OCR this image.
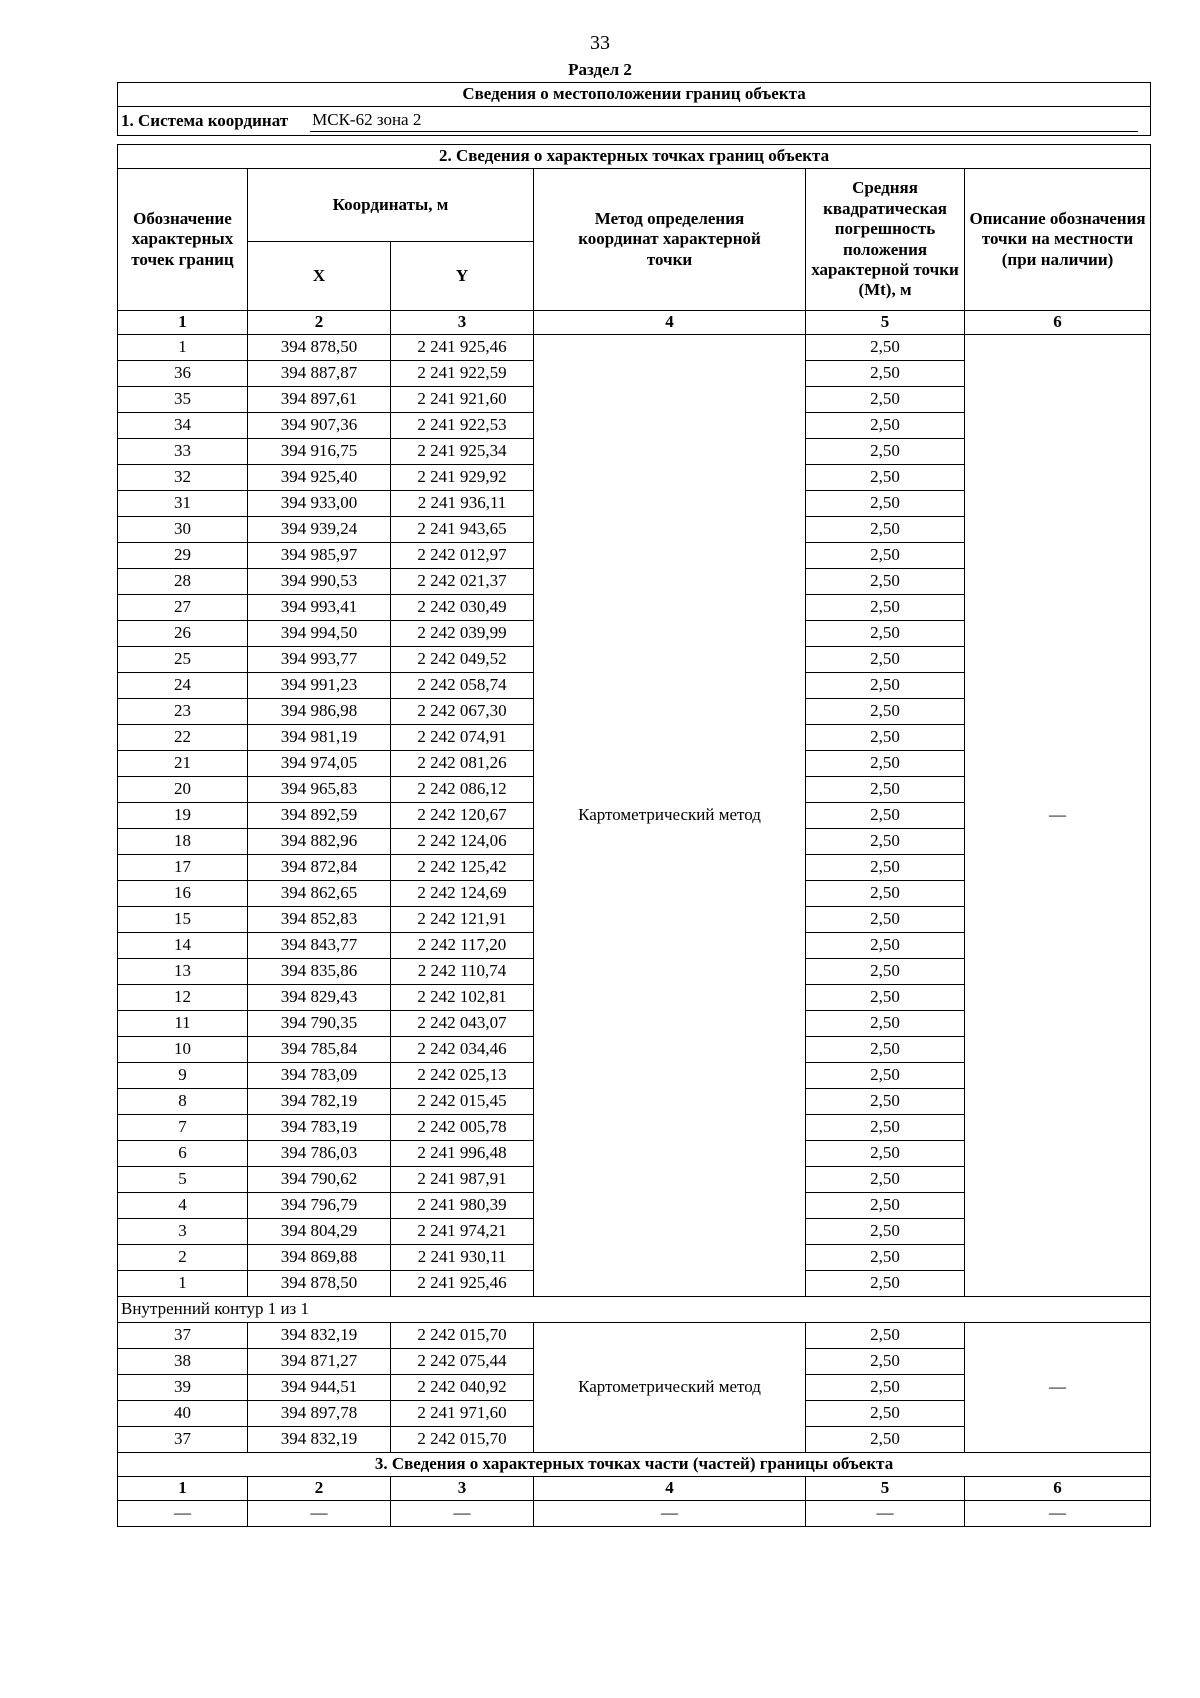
33
Раздел 2
Сведения о местоположении границ объекта					

1. Система координат МСК-62 зона 2					

2. Сведения о характерных точках границ объекта					
Обозначение характерных точек границ	Координаты, м		Метод определения координат характерной точки	Средняя квадратическая погрешность положения характерной точки (Mt), м	Описание обозначения точки на местности (при наличии)
	X	Y			
1	2	3	4	5	6
1	394 878,50	2 241 925,46	Картометрический метод	2,50	—
36	394 887,87	2 241 922,59		2,50	
35	394 897,61	2 241 921,60		2,50	
34	394 907,36	2 241 922,53		2,50	
33	394 916,75	2 241 925,34		2,50	
32	394 925,40	2 241 929,92		2,50	
31	394 933,00	2 241 936,11		2,50	
30	394 939,24	2 241 943,65		2,50	
29	394 985,97	2 242 012,97		2,50	
28	394 990,53	2 242 021,37		2,50	
27	394 993,41	2 242 030,49		2,50	
26	394 994,50	2 242 039,99		2,50	
25	394 993,77	2 242 049,52		2,50	
24	394 991,23	2 242 058,74		2,50	
23	394 986,98	2 242 067,30		2,50	
22	394 981,19	2 242 074,91		2,50	
21	394 974,05	2 242 081,26		2,50	
20	394 965,83	2 242 086,12		2,50	
19	394 892,59	2 242 120,67		2,50	
18	394 882,96	2 242 124,06		2,50	
17	394 872,84	2 242 125,42		2,50	
16	394 862,65	2 242 124,69		2,50	
15	394 852,83	2 242 121,91		2,50	
14	394 843,77	2 242 117,20		2,50	
13	394 835,86	2 242 110,74		2,50	
12	394 829,43	2 242 102,81		2,50	
11	394 790,35	2 242 043,07		2,50	
10	394 785,84	2 242 034,46		2,50	
9	394 783,09	2 242 025,13		2,50	
8	394 782,19	2 242 015,45		2,50	
7	394 783,19	2 242 005,78		2,50	
6	394 786,03	2 241 996,48		2,50	
5	394 790,62	2 241 987,91		2,50	
4	394 796,79	2 241 980,39		2,50	
3	394 804,29	2 241 974,21		2,50	
2	394 869,88	2 241 930,11		2,50	
1	394 878,50	2 241 925,46		2,50	
Внутренний контур 1 из 1					
37	394 832,19	2 242 015,70	Картометрический метод	2,50	—
38	394 871,27	2 242 075,44		2,50	
39	394 944,51	2 242 040,92		2,50	
40	394 897,78	2 241 971,60		2,50	
37	394 832,19	2 242 015,70		2,50	
3. Сведения о характерных точках части (частей) границы объекта					
1	2	3	4	5	6
—	—	—	—	—	—
